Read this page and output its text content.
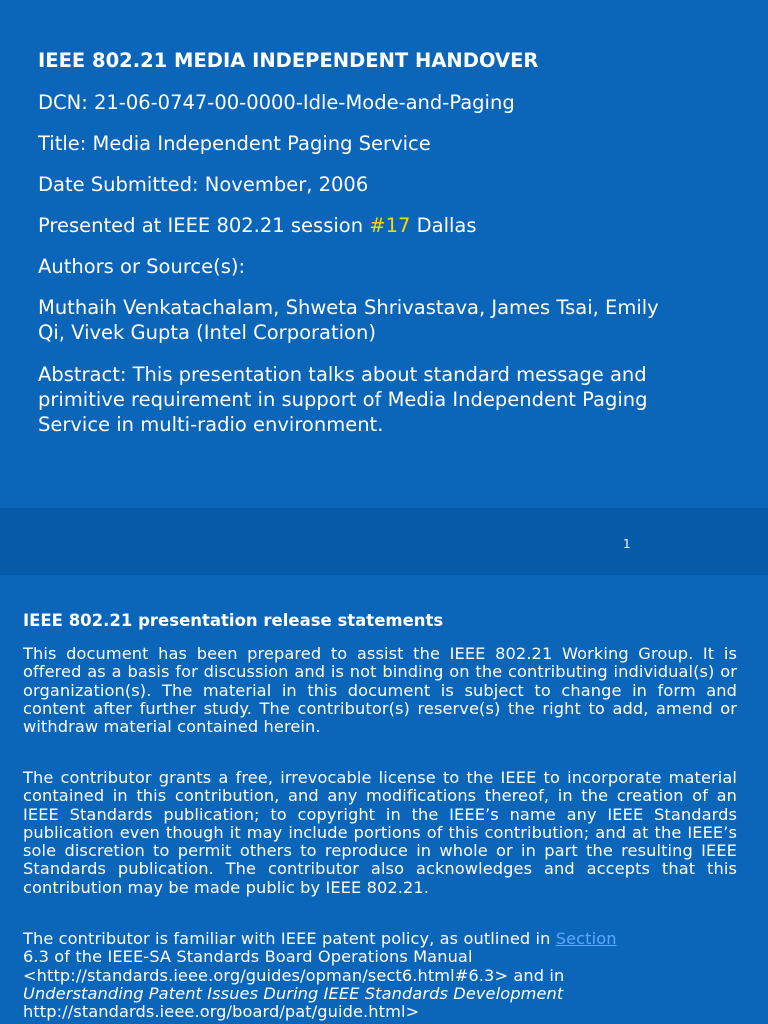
IEEE 802.21 MEDIA INDEPENDENT HANDOVER
DCN: 21-06-0747-00-0000-Idle-Mode-and-Paging
Title: Media Independent Paging Service
Date Submitted: November, 2006
Presented at IEEE 802.21 session #17 Dallas
Authors or Source(s):
Muthaih Venkatachalam, Shweta Shrivastava, James Tsai, Emily
Qi, Vivek Gupta (Intel Corporation)
Abstract: This presentation talks about standard message and
primitive requirement in support of Media Independent Paging
Service in multi-radio environment.
1
IEEE 802.21 presentation release statements
This document has been prepared to assist the IEEE 802.21 Working Group. It is offered as a basis for discussion and is not binding on the contributing individual(s) or organization(s). The material in this document is subject to change in form and content after further study. The contributor(s) reserve(s) the right to add, amend or withdraw material contained herein.
The contributor grants a free, irrevocable license to the IEEE to incorporate material contained in this contribution, and any modifications thereof, in the creation of an IEEE Standards publication; to copyright in the IEEE’s name any IEEE Standards publication even though it may include portions of this contribution; and at the IEEE’s sole discretion to permit others to reproduce in whole or in part the resulting IEEE Standards publication. The contributor also acknowledges and accepts that this contribution may be made public by IEEE 802.21.
The contributor is familiar with IEEE patent policy, as outlined in Section
6.3 of the IEEE-SA Standards Board Operations Manual
<http://standards.ieee.org/guides/opman/sect6.html#6.3> and in
Understanding Patent Issues During IEEE Standards Development
http://standards.ieee.org/board/pat/guide.html>
